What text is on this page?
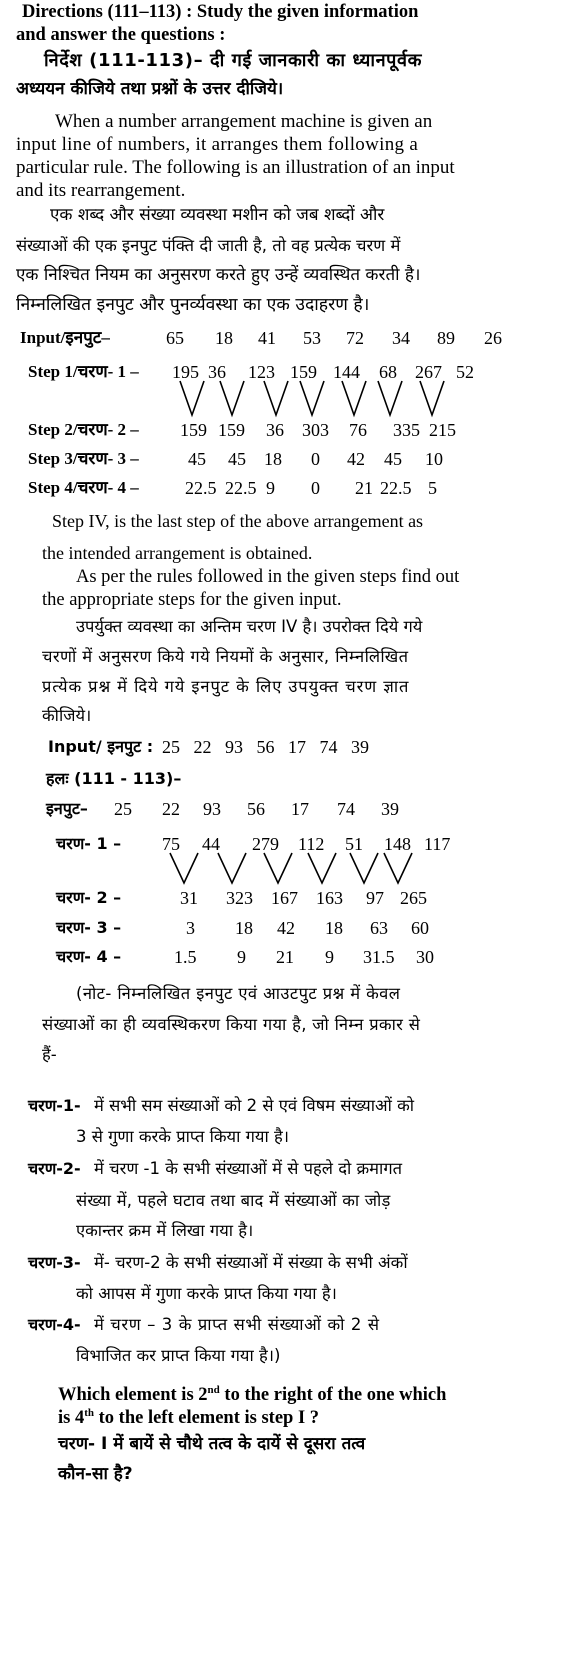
Directions (111–113) : Study the given information
and answer the questions :
निर्देश (111-113)– दी गई जानकारी का ध्यानपूर्वक
अध्ययन कीजिये तथा प्रश्नों के उत्तर दीजिये।
When a number arrangement machine is given an
input line of numbers, it arranges them following a
particular rule. The following is an illustration of an input
and its rearrangement.
एक शब्द और संख्या व्यवस्था मशीन को जब शब्दों और
संख्याओं की एक इनपुट पंक्ति दी जाती है, तो वह प्रत्येक चरण में
एक निश्चित नियम का अनुसरण करते हुए उन्हें व्यवस्थित करती है।
निम्नलिखित इनपुट और पुनर्व्यवस्था का एक उदाहरण है।
Input/इनपुट–	65 18 41 53 72 34 89 26
Step 1/चरण- 1 – 195 36 123 159 144 68 267 52
Step 2/चरण- 2 – 159 159 36 303 76 335 215
Step 3/चरण- 3 –	45 45 18 0 42 45 10
Step 4/चरण- 4 –	22.5 22.5 9 0 21 22.5 5
Step IV, is the last step of the above arrangement as
the intended arrangement is obtained.
As per the rules followed in the given steps find out
the appropriate steps for the given input.
उपर्युक्त व्यवस्था का अन्तिम चरण IV है। उपरोक्त दिये गये
चरणों में अनुसरण किये गये नियमों के अनुसार, निम्नलिखित
प्रत्येक प्रश्न में दिये गये इनपुट के लिए उपयुक्त चरण ज्ञात
कीजिये।
Input/ इनपुट : 25   22   93   56   17   74   39
हलः (111 - 113)–
इनपुट– 25 22 93 56 17 74 39
चरण- 1 – 75 44 279 112 51 148 117
चरण- 2 –	31 323 167 163 97 265
चरण- 3 –	3 18 42 18 63 60
चरण- 4 –	1.5 9 21 9 31.5 30
(नोट- निम्नलिखित इनपुट एवं आउटपुट प्रश्न में केवल
संख्याओं का ही व्यवस्थिकरण किया गया है, जो निम्न प्रकार से
हैं-
चरण-1- में सभी सम संख्याओं को 2 से एवं विषम संख्याओं को
3 से गुणा करके प्राप्त किया गया है।
चरण-2- में चरण -1 के सभी संख्याओं में से पहले दो क्रमागत
संख्या में, पहले घटाव तथा बाद में संख्याओं का जोड़
एकान्तर क्रम में लिखा गया है।
चरण-3- में- चरण-2 के सभी संख्याओं में संख्या के सभी अंकों
को आपस में गुणा करके प्राप्त किया गया है।
चरण-4- में चरण – 3 के प्राप्त सभी संख्याओं को 2 से
विभाजित कर प्राप्त किया गया है।)
Which element is 2nd to the right of the one which
is 4th to the left element is step I ?
चरण- I में बायें से चौथे तत्व के दायें से दूसरा तत्व
कौन-सा है?
